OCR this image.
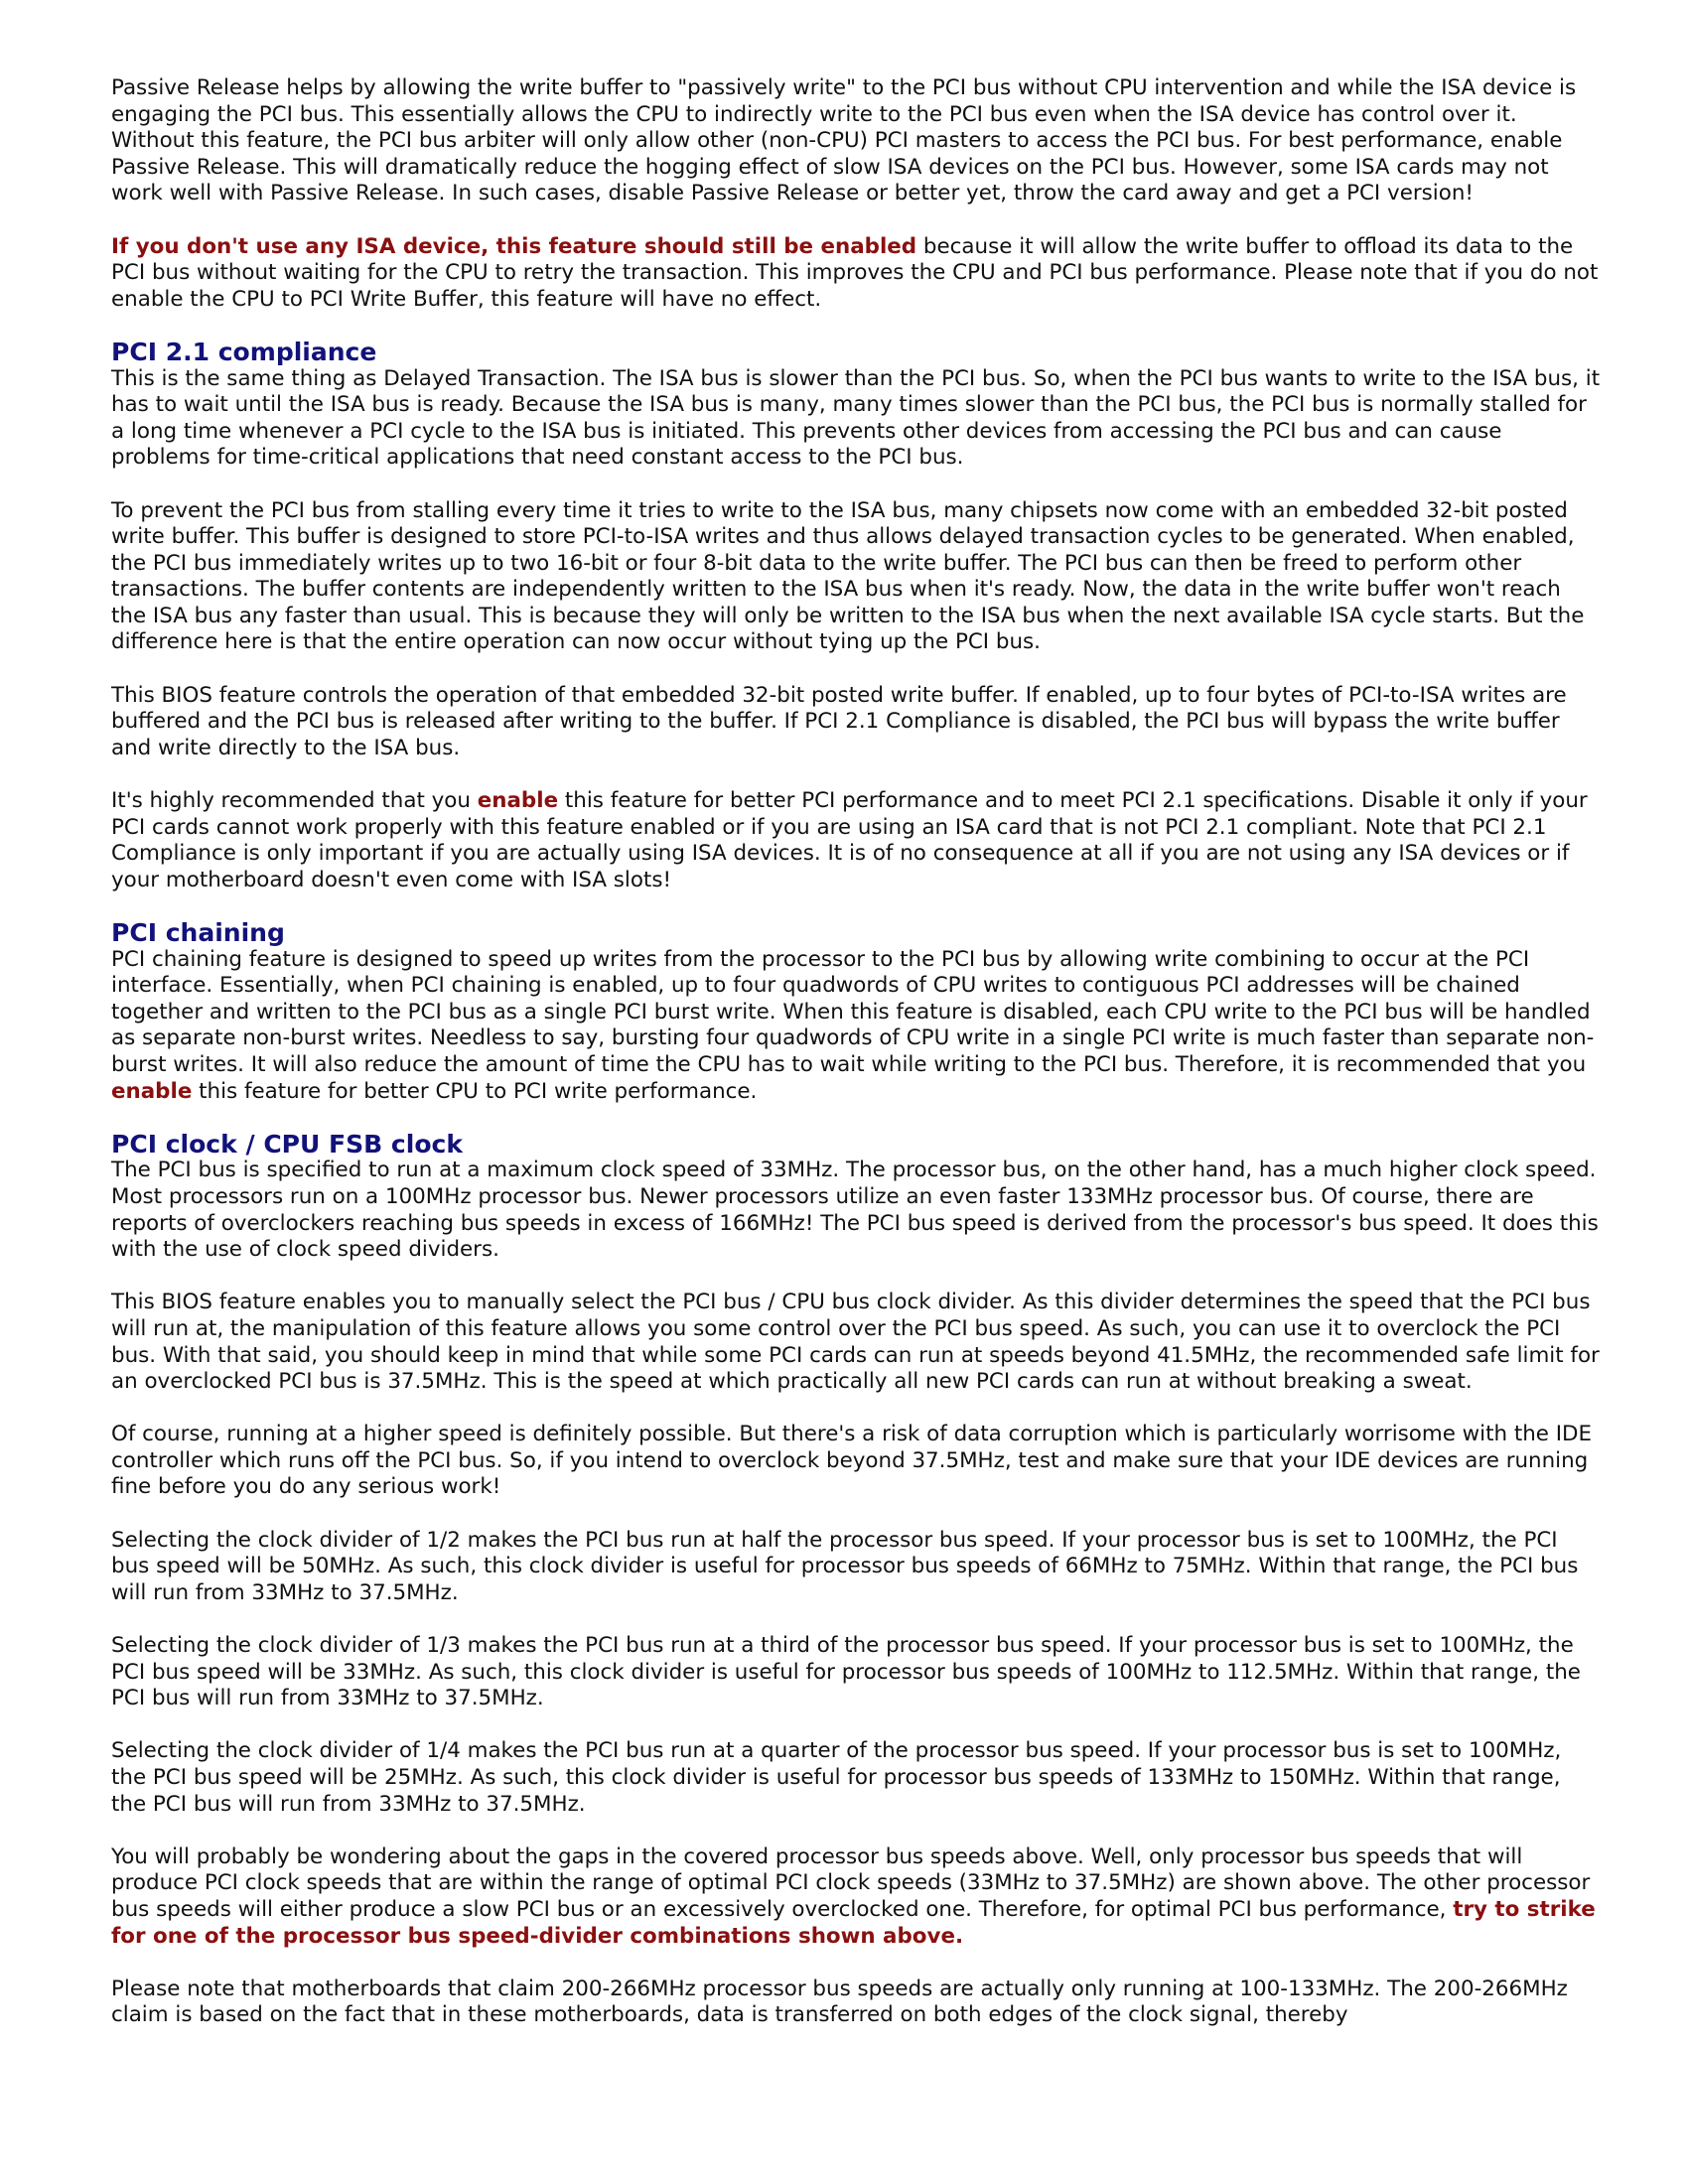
Passive Release helps by allowing the write buffer to "passively write" to the PCI bus without CPU intervention and while the ISA device is engaging the PCI bus. This essentially allows the CPU to indirectly write to the PCI bus even when the ISA device has control over it. Without this feature, the PCI bus arbiter will only allow other (non-CPU) PCI masters to access the PCI bus. For best performance, enable Passive Release. This will dramatically reduce the hogging effect of slow ISA devices on the PCI bus. However, some ISA cards may not work well with Passive Release. In such cases, disable Passive Release or better yet, throw the card away and get a PCI version!

If you don't use any ISA device, this feature should still be enabled because it will allow the write buffer to offload its data to the PCI bus without waiting for the CPU to retry the transaction. This improves the CPU and PCI bus performance. Please note that if you do not enable the CPU to PCI Write Buffer, this feature will have no effect.

PCI 2.1 compliance

This is the same thing as Delayed Transaction. The ISA bus is slower than the PCI bus. So, when the PCI bus wants to write to the ISA bus, it has to wait until the ISA bus is ready. Because the ISA bus is many, many times slower than the PCI bus, the PCI bus is normally stalled for a long time whenever a PCI cycle to the ISA bus is initiated. This prevents other devices from accessing the PCI bus and can cause problems for time-critical applications that need constant access to the PCI bus.

To prevent the PCI bus from stalling every time it tries to write to the ISA bus, many chipsets now come with an embedded 32-bit posted write buffer. This buffer is designed to store PCI-to-ISA writes and thus allows delayed transaction cycles to be generated. When enabled, the PCI bus immediately writes up to two 16-bit or four 8-bit data to the write buffer. The PCI bus can then be freed to perform other transactions. The buffer contents are independently written to the ISA bus when it's ready. Now, the data in the write buffer won't reach the ISA bus any faster than usual. This is because they will only be written to the ISA bus when the next available ISA cycle starts. But the difference here is that the entire operation can now occur without tying up the PCI bus.

This BIOS feature controls the operation of that embedded 32-bit posted write buffer. If enabled, up to four bytes of PCI-to-ISA writes are buffered and the PCI bus is released after writing to the buffer. If PCI 2.1 Compliance is disabled, the PCI bus will bypass the write buffer and write directly to the ISA bus.

It's highly recommended that you enable this feature for better PCI performance and to meet PCI 2.1 specifications. Disable it only if your PCI cards cannot work properly with this feature enabled or if you are using an ISA card that is not PCI 2.1 compliant. Note that PCI 2.1 Compliance is only important if you are actually using ISA devices. It is of no consequence at all if you are not using any ISA devices or if your motherboard doesn't even come with ISA slots!

PCI chaining

PCI chaining feature is designed to speed up writes from the processor to the PCI bus by allowing write combining to occur at the PCI interface. Essentially, when PCI chaining is enabled, up to four quadwords of CPU writes to contiguous PCI addresses will be chained together and written to the PCI bus as a single PCI burst write. When this feature is disabled, each CPU write to the PCI bus will be handled as separate non-burst writes. Needless to say, bursting four quadwords of CPU write in a single PCI write is much faster than separate non-burst writes. It will also reduce the amount of time the CPU has to wait while writing to the PCI bus. Therefore, it is recommended that you enable this feature for better CPU to PCI write performance.

PCI clock / CPU FSB clock

The PCI bus is specified to run at a maximum clock speed of 33MHz. The processor bus, on the other hand, has a much higher clock speed. Most processors run on a 100MHz processor bus. Newer processors utilize an even faster 133MHz processor bus. Of course, there are reports of overclockers reaching bus speeds in excess of 166MHz! The PCI bus speed is derived from the processor's bus speed. It does this with the use of clock speed dividers.

This BIOS feature enables you to manually select the PCI bus / CPU bus clock divider. As this divider determines the speed that the PCI bus will run at, the manipulation of this feature allows you some control over the PCI bus speed. As such, you can use it to overclock the PCI bus. With that said, you should keep in mind that while some PCI cards can run at speeds beyond 41.5MHz, the recommended safe limit for an overclocked PCI bus is 37.5MHz. This is the speed at which practically all new PCI cards can run at without breaking a sweat.

Of course, running at a higher speed is definitely possible. But there's a risk of data corruption which is particularly worrisome with the IDE controller which runs off the PCI bus. So, if you intend to overclock beyond 37.5MHz, test and make sure that your IDE devices are running fine before you do any serious work!

Selecting the clock divider of 1/2 makes the PCI bus run at half the processor bus speed. If your processor bus is set to 100MHz, the PCI bus speed will be 50MHz. As such, this clock divider is useful for processor bus speeds of 66MHz to 75MHz. Within that range, the PCI bus will run from 33MHz to 37.5MHz.

Selecting the clock divider of 1/3 makes the PCI bus run at a third of the processor bus speed. If your processor bus is set to 100MHz, the PCI bus speed will be 33MHz. As such, this clock divider is useful for processor bus speeds of 100MHz to 112.5MHz. Within that range, the PCI bus will run from 33MHz to 37.5MHz.

Selecting the clock divider of 1/4 makes the PCI bus run at a quarter of the processor bus speed. If your processor bus is set to 100MHz, the PCI bus speed will be 25MHz. As such, this clock divider is useful for processor bus speeds of 133MHz to 150MHz. Within that range, the PCI bus will run from 33MHz to 37.5MHz.

You will probably be wondering about the gaps in the covered processor bus speeds above. Well, only processor bus speeds that will produce PCI clock speeds that are within the range of optimal PCI clock speeds (33MHz to 37.5MHz) are shown above. The other processor bus speeds will either produce a slow PCI bus or an excessively overclocked one. Therefore, for optimal PCI bus performance, try to strike for one of the processor bus speed-divider combinations shown above.

Please note that motherboards that claim 200-266MHz processor bus speeds are actually only running at 100-133MHz. The 200-266MHz claim is based on the fact that in these motherboards, data is transferred on both edges of the clock signal, thereby
